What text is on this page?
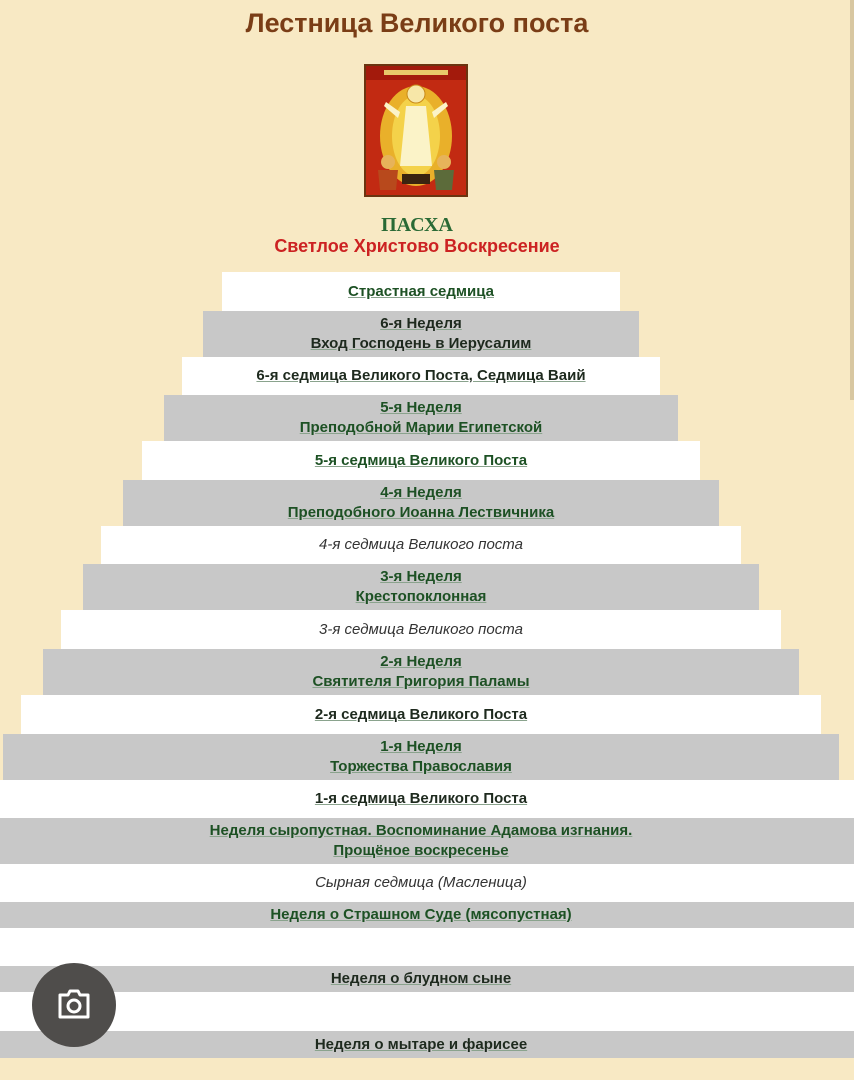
Лестница Великого поста
ПАСХА
Светлое Христово Воскресение
Страстная седмица
6-я Неделя
Вход Господень в Иерусалим
6-я седмица Великого Поста, Седмица Ваий
5-я Неделя
Преподобной Марии Египетской
5-я седмица Великого Поста
4-я Неделя
Преподобного Иоанна Лествичника
4-я седмица Великого поста
3-я Неделя
Крестопоклонная
3-я седмица Великого поста
2-я Неделя
Святителя Григория Паламы
2-я седмица Великого Поста
1-я Неделя
Торжества Православия
1-я седмица Великого Поста
Неделя сыропустная. Воспоминание Адамова изгнания.
Прощёное воскресенье
Сырная седмица (Масленица)
Неделя о Страшном Суде (мясопустная)
Неделя о блудном сыне
Неделя о мытаре и фарисее
